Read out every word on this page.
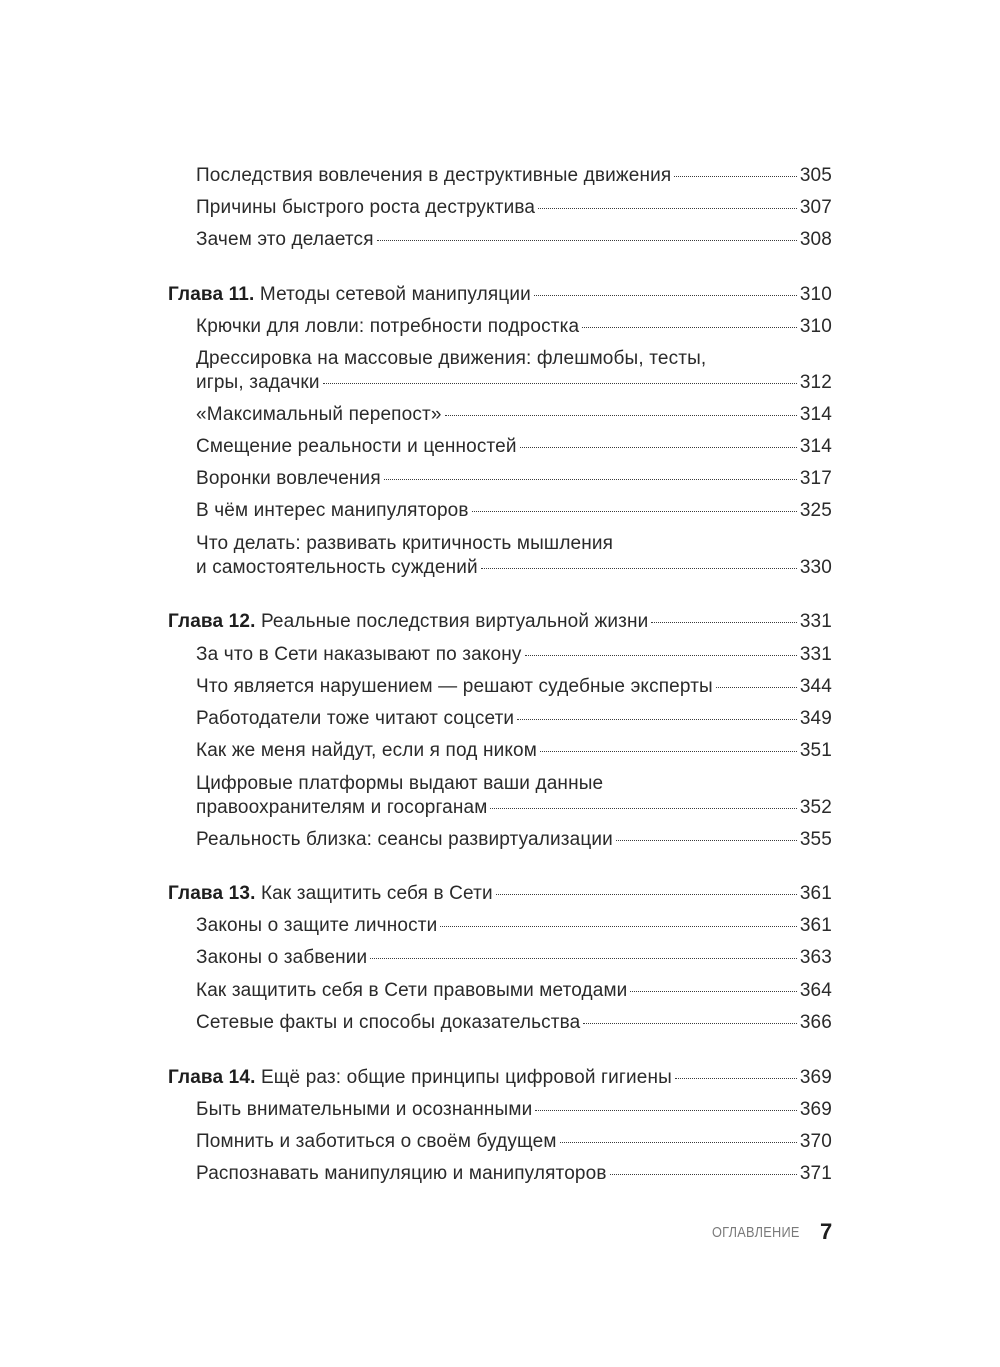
Последствия вовлечения в деструктивные движения	305
Причины быстрого роста деструктива	307
Зачем это делается	308
Глава 11. Методы сетевой манипуляции	310
Крючки для ловли: потребности подростка	310
Дрессировка на массовые движения: флешмобы, тесты,
игры, задачки	312
«Максимальный перепост»	314
Смещение реальности и ценностей	314
Воронки вовлечения	317
В чём интерес манипуляторов	325
Что делать: развивать критичность мышления
и самостоятельность суждений	330
Глава 12. Реальные последствия виртуальной жизни	331
За что в Сети наказывают по закону	331
Что является нарушением — решают судебные эксперты	344
Работодатели тоже читают соцсети	349
Как же меня найдут, если я под ником	351
Цифровые платформы выдают ваши данные
правоохранителям и госорганам	352
Реальность близка: сеансы развиртуализации	355
Глава 13. Как защитить себя в Сети	361
Законы о защите личности	361
Законы о забвении	363
Как защитить себя в Сети правовыми методами	364
Сетевые факты и способы доказательства	366
Глава 14. Ещё раз: общие принципы цифровой гигиены	369
Быть внимательными и осознанными	369
Помнить и заботиться о своём будущем	370
Распознавать манипуляцию и манипуляторов	371
ОГЛАВЛЕНИЕ 7
